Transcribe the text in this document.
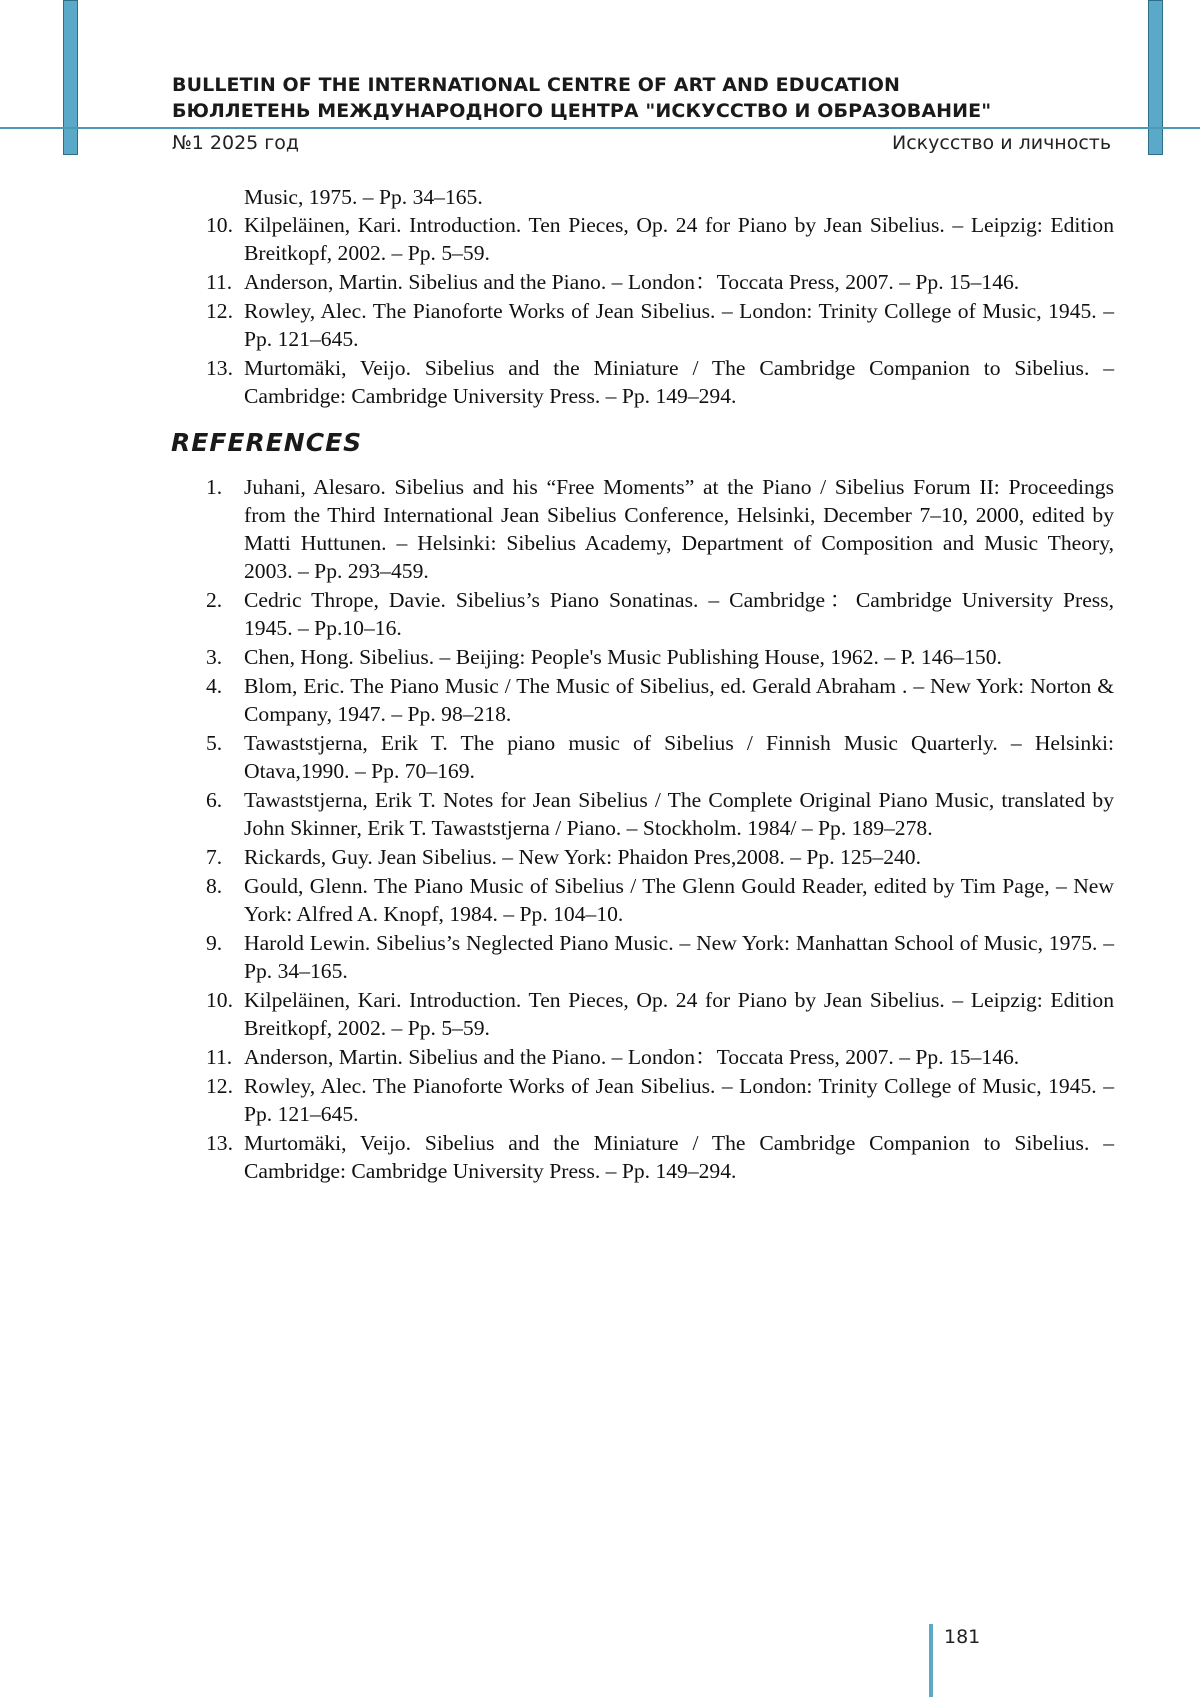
BULLETIN OF THE INTERNATIONAL CENTRE OF ART AND EDUCATION
БЮЛЛЕТЕНЬ МЕЖДУНАРОДНОГО ЦЕНТРА "ИСКУССТВО И ОБРАЗОВАНИЕ"
№1 2025 год	Искусство и личность
Music, 1975. – Pp. 34–165.
10. Kilpeläinen, Kari. Introduction. Ten Pieces, Op. 24 for Piano by Jean Sibelius. – Leipzig: Edition Breitkopf, 2002. – Pp. 5–59.
11. Anderson, Martin. Sibelius and the Piano. – London：Toccata Press, 2007. – Pp. 15–146.
12. Rowley, Alec. The Pianoforte Works of Jean Sibelius. – London: Trinity College of Music, 1945. – Pp. 121–645.
13. Murtomäki, Veijo. Sibelius and the Miniature / The Cambridge Companion to Sibelius. – Cambridge: Cambridge University Press. – Pp. 149–294.
REFERENCES
1. Juhani, Alesaro. Sibelius and his “Free Moments” at the Piano / Sibelius Forum II: Proceedings from the Third International Jean Sibelius Conference, Helsinki, December 7–10, 2000, edited by Matti Huttunen. – Helsinki: Sibelius Academy, Department of Composition and Music Theory, 2003. – Pp. 293–459.
2. Cedric Thrope, Davie. Sibelius’s Piano Sonatinas. – Cambridge：Cambridge University Press, 1945. – Pp.10–16.
3. Chen, Hong. Sibelius. – Beijing: People's Music Publishing House, 1962. – P. 146–150.
4. Blom, Eric. The Piano Music / The Music of Sibelius, ed. Gerald Abraham . – New York: Norton & Company, 1947. – Pp. 98–218.
5. Tawaststjerna, Erik T. The piano music of Sibelius / Finnish Music Quarterly. – Helsinki: Otava,1990. – Pp. 70–169.
6. Tawaststjerna, Erik T. Notes for Jean Sibelius / The Complete Original Piano Music, translated by John Skinner, Erik T. Tawaststjerna / Piano. – Stockholm. 1984/ – Pp. 189–278.
7. Rickards, Guy. Jean Sibelius. – New York: Phaidon Pres,2008. – Pp. 125–240.
8. Gould, Glenn. The Piano Music of Sibelius / The Glenn Gould Reader, edited by Tim Page, – New York: Alfred A. Knopf, 1984. – Pp. 104–10.
9. Harold Lewin. Sibelius’s Neglected Piano Music. – New York: Manhattan School of Music, 1975. – Pp. 34–165.
10. Kilpeläinen, Kari. Introduction. Ten Pieces, Op. 24 for Piano by Jean Sibelius. – Leipzig: Edition Breitkopf, 2002. – Pp. 5–59.
11. Anderson, Martin. Sibelius and the Piano. – London：Toccata Press, 2007. – Pp. 15–146.
12. Rowley, Alec. The Pianoforte Works of Jean Sibelius. – London: Trinity College of Music, 1945. – Pp. 121–645.
13. Murtomäki, Veijo. Sibelius and the Miniature / The Cambridge Companion to Sibelius. – Cambridge: Cambridge University Press. – Pp. 149–294.
181
